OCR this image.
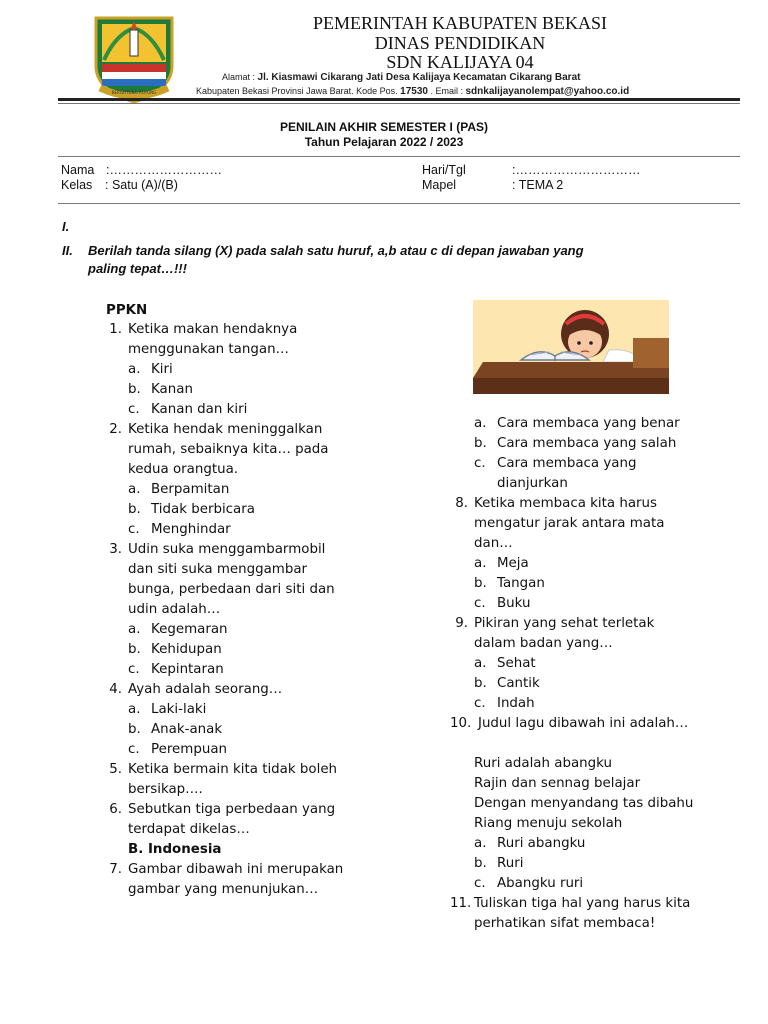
BERGOTONG ROYONG
PEMERINTAH KABUPATEN BEKASI
DINAS PENDIDIKAN
SDN KALIJAYA 04
Alamat : Jl. Kiasmawi Cikarang Jati Desa Kalijaya Kecamatan Cikarang Barat
Kabupaten Bekasi Provinsi Jawa Barat. Kode Pos. 17530 . Email : sdnkalijayanolempat@yahoo.co.id
PENILAIN AKHIR SEMESTER I (PAS)
Tahun Pelajaran 2022 / 2023
Nama :………………………
Kelas : Satu (A)/(B)
Hari/Tgl	:…………………………
Mapel	: TEMA 2
I.
II. Berilah tanda silang (X) pada salah satu huruf, a,b atau c di depan jawaban yang
paling tepat…!!!
PPKN
1. Ketika makan hendaknya
menggunakan tangan…
a. Kiri
b. Kanan
c. Kanan dan kiri
2. Ketika hendak meninggalkan
rumah, sebaiknya kita… pada
kedua orangtua.
a. Berpamitan
b. Tidak berbicara
c. Menghindar
3. Udin suka menggambarmobil
dan siti suka menggambar
bunga, perbedaan dari siti dan
udin adalah…
a. Kegemaran
b. Kehidupan
c. Kepintaran
4. Ayah adalah seorang…
a. Laki-laki
b. Anak-anak
c. Perempuan
5. Ketika bermain kita tidak boleh
bersikap….
6. Sebutkan tiga perbedaan yang
terdapat dikelas…
B. Indonesia
7. Gambar dibawah ini merupakan
gambar yang menunjukan…
a. Cara membaca yang benar
b. Cara membaca yang salah
c. Cara membaca yang
dianjurkan
8. Ketika membaca kita harus
mengatur jarak antara mata
dan…
a. Meja
b. Tangan
c. Buku
9. Pikiran yang sehat terletak
dalam badan yang…
a. Sehat
b. Cantik
c. Indah
10. Judul lagu dibawah ini adalah…
Ruri adalah abangku
Rajin dan sennag belajar
Dengan menyandang tas dibahu
Riang menuju sekolah
a. Ruri abangku
b. Ruri
c. Abangku ruri
11. Tuliskan tiga hal yang harus kita
perhatikan sifat membaca!
